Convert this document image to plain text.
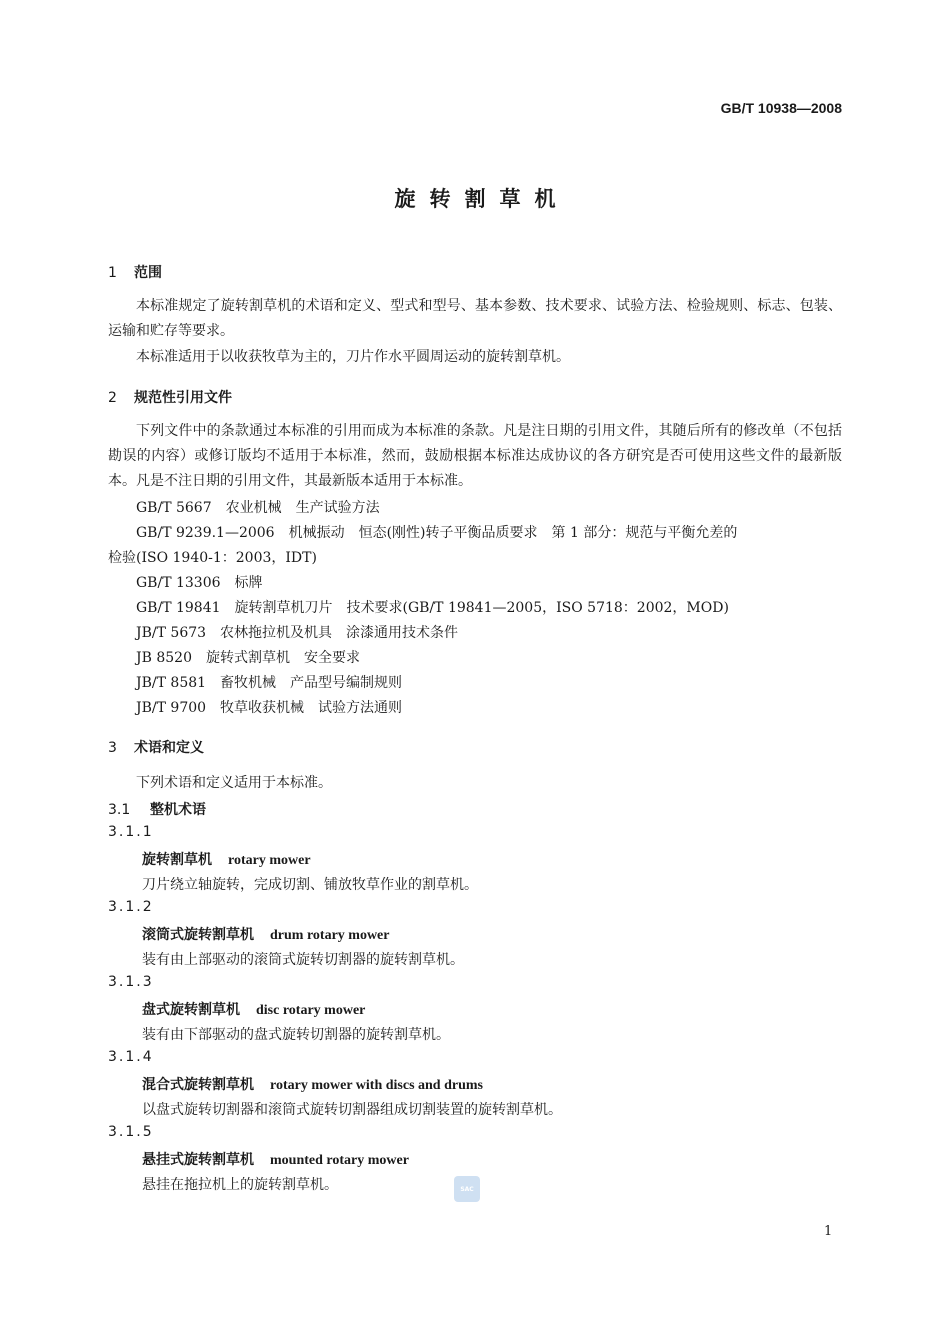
GB/T 10938—2008
旋转割草机
1 范围
本标准规定了旋转割草机的术语和定义、型式和型号、基本参数、技术要求、试验方法、检验规则、标志、包装、运输和贮存等要求。
本标准适用于以收获牧草为主的，刀片作水平圆周运动的旋转割草机。
2 规范性引用文件
下列文件中的条款通过本标准的引用而成为本标准的条款。凡是注日期的引用文件，其随后所有的修改单（不包括勘误的内容）或修订版均不适用于本标准，然而，鼓励根据本标准达成协议的各方研究是否可使用这些文件的最新版本。凡是不注日期的引用文件，其最新版本适用于本标准。
GB/T 5667　农业机械　生产试验方法
GB/T 9239.1—2006　机械振动　恒态(刚性)转子平衡品质要求　第 1 部分：规范与平衡允差的
检验(ISO 1940-1：2003，IDT)
GB/T 13306　标牌
GB/T 19841　旋转割草机刀片　技术要求(GB/T 19841—2005，ISO 5718：2002，MOD)
JB/T 5673　农林拖拉机及机具　涂漆通用技术条件
JB 8520　旋转式割草机　安全要求
JB/T 8581　畜牧机械　产品型号编制规则
JB/T 9700　牧草收获机械　试验方法通则
3 术语和定义
下列术语和定义适用于本标准。
3.1 整机术语
3.1.1
旋转割草机 rotary mower
刀片绕立轴旋转，完成切割、铺放牧草作业的割草机。
3.1.2
滚筒式旋转割草机 drum rotary mower
装有由上部驱动的滚筒式旋转切割器的旋转割草机。
3.1.3
盘式旋转割草机 disc rotary mower
装有由下部驱动的盘式旋转切割器的旋转割草机。
3.1.4
混合式旋转割草机 rotary mower with discs and drums
以盘式旋转切割器和滚筒式旋转切割器组成切割装置的旋转割草机。
3.1.5
悬挂式旋转割草机 mounted rotary mower
悬挂在拖拉机上的旋转割草机。	SAC
1
